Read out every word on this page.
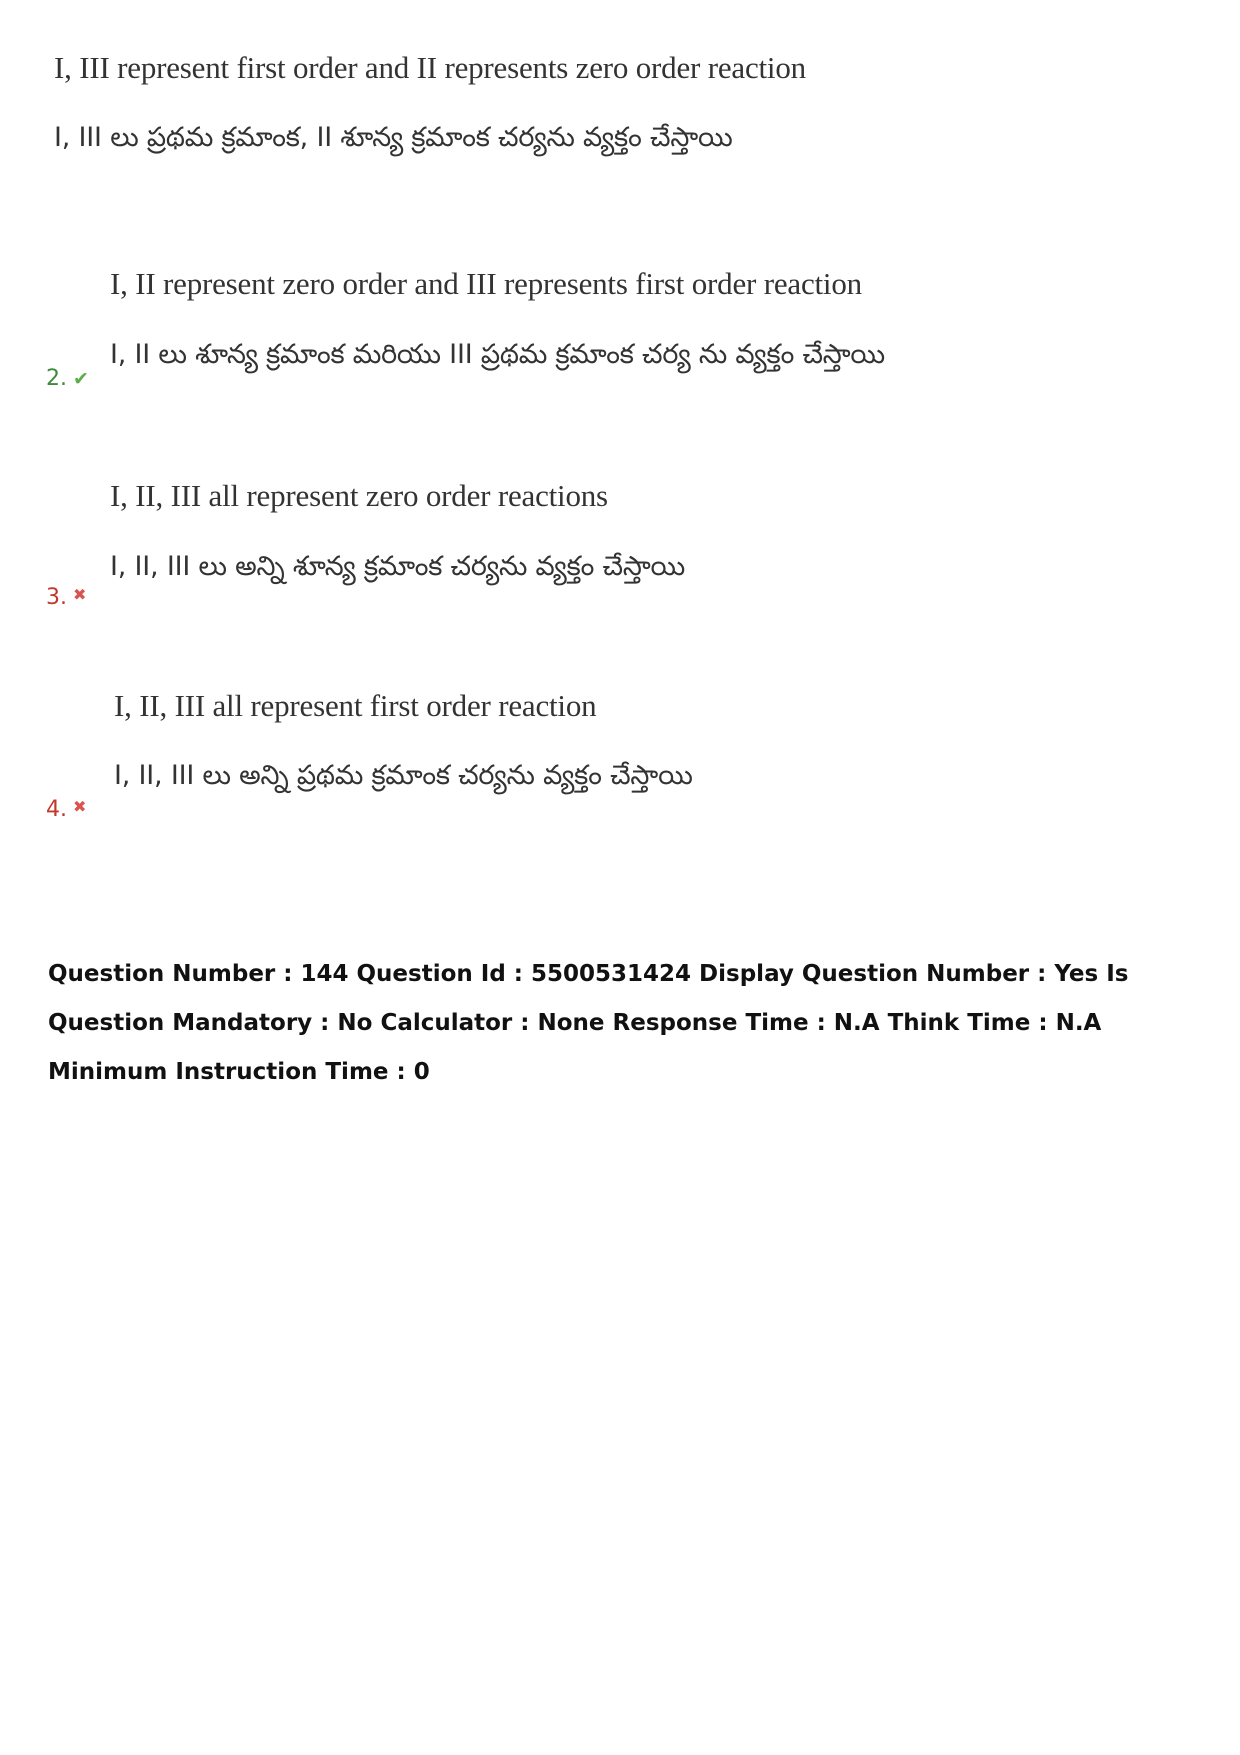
I, III represent first order and II represents zero order reaction
I, III లు ప్రథమ క్రమాంక, II శూన్య క్రమాంక చర్యను వ్యక్తం చేస్తాయి
I, II represent zero order and III represents first order reaction
I, II లు శూన్య క్రమాంక మరియు III ప్రథమ క్రమాంక చర్య ను వ్యక్తం చేస్తాయి
2. ✔
I, II, III all represent zero order reactions
I, II, III లు అన్ని శూన్య క్రమాంక చర్యను వ్యక్తం చేస్తాయి
3. ✖
I, II, III all represent first order reaction
I, II, III లు అన్ని ప్రథమ క్రమాంక చర్యను వ్యక్తం చేస్తాయి
4. ✖
Question Number : 144 Question Id : 5500531424 Display Question Number : Yes Is Question Mandatory : No Calculator : None Response Time : N.A Think Time : N.A Minimum Instruction Time : 0
